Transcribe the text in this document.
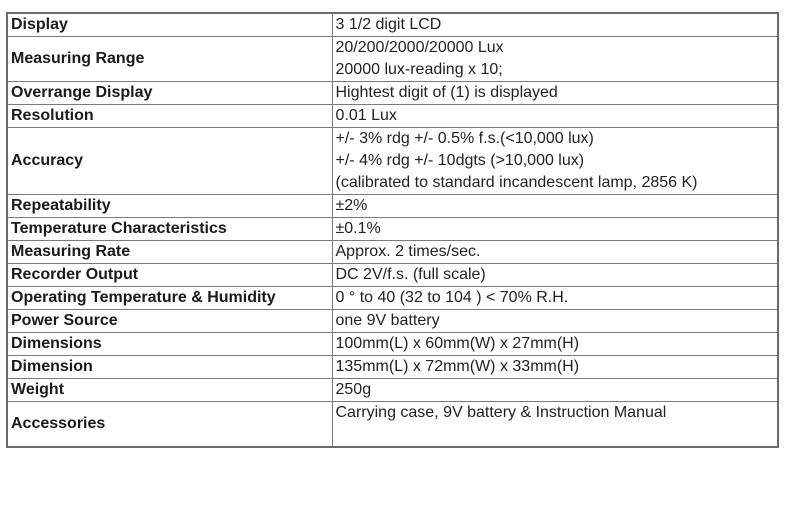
Display	3 1/2 digit LCD

Measuring Range	20/200/2000/20000 Lux
20000 lux-reading x 10;

Overrange Display	Hightest digit of (1) is displayed

Resolution	0.01 Lux

Accuracy	+/- 3% rdg +/- 0.5% f.s.(<10,000 lux)
+/- 4% rdg +/- 10dgts (>10,000 lux)
(calibrated to standard incandescent lamp, 2856 K)

Repeatability	±2%

Temperature Characteristics	±0.1%

Measuring Rate	Approx. 2 times/sec.

Recorder Output	DC 2V/f.s. (full scale)

Operating Temperature & Humidity	0 ° to 40 (32 to 104 ) < 70% R.H.

Power Source	one 9V battery

Dimensions	100mm(L) x 60mm(W) x 27mm(H)

Dimension	135mm(L) x 72mm(W) x 33mm(H)

Weight	250g

Accessories	Carrying case, 9V battery & Instruction Manual
